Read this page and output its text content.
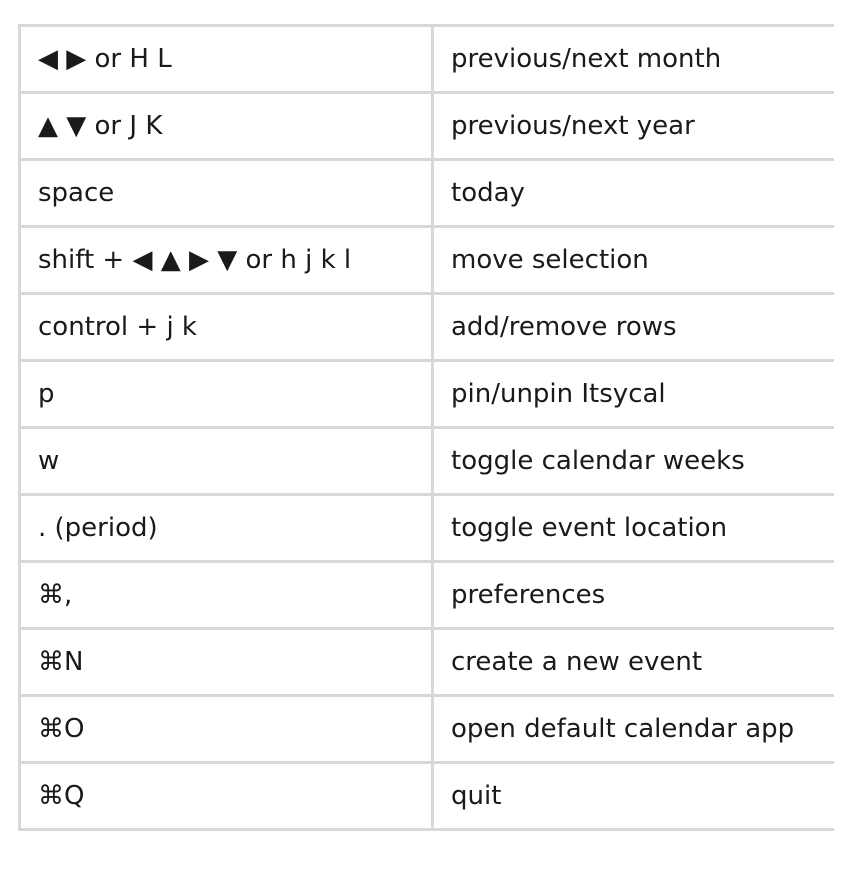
◀ ▶ or H L	previous/next month
▲ ▼ or J K	previous/next year
space	today
shift + ◀ ▲ ▶ ▼ or h j k l	move selection
control + j k	add/remove rows
p	pin/unpin Itsycal
w	toggle calendar weeks
. (period)	toggle event location
⌘,	preferences
⌘N	create a new event
⌘O	open default calendar app
⌘Q	quit
